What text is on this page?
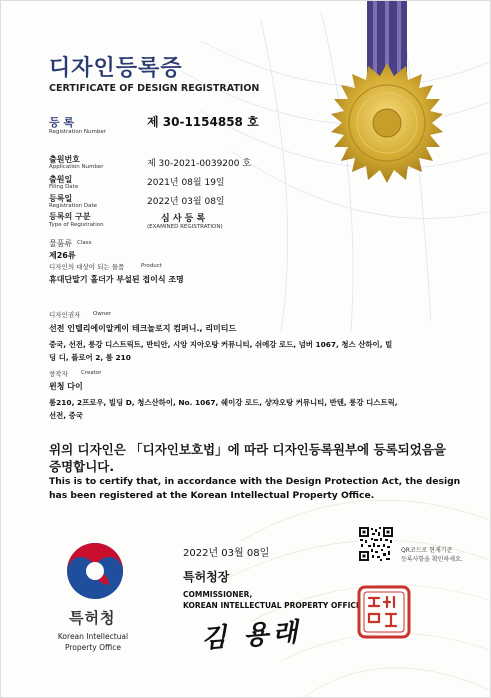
디자인등록증
CERTIFICATE OF DESIGN REGISTRATION
등 록
Registration Number
제 30-1154858 호
출원번호
Application Number	제 30-2021-0039200 호
출원일
Filing Date	2021년 08월 19일
등록일
Registration Date	2022년 03월 08일
등록의 구분
Type of Registration
심 사 등 록
(EXAMINED REGISTRATION)
물품류 Class
제26류
디자인의 대상이 되는 물품	Product
휴대단말기 홀더가 부설된 접이식 조명
디자인권자 Owner
선전 인텔리에이알케이 테크놀로지 컴퍼니., 리미티드
중국, 선전, 룽강 디스트릭트, 반티안, 시앙 지아오탕 커뮤니티, 쉬에강 로드, 넘버 1067, 청스 산하이, 빌
딩 디, 플로어 2, 룸 210
창작자 Creator
윈청 다이
룸210, 2프로우, 빌딩 D, 청스산하이, No. 1067, 쉐이강 로드, 샹쟈오탕 커뮤니티, 반텐, 룽강 디스트릭,
선전, 중국
위의 디자인은 「디자인보호법」에 따라 디자인등록원부에 등록되었음을
증명합니다.
This is to certify that, in accordance with the Design Protection Act, the design
has been registered at the Korean Intellectual Property Office.
2022년 03월 08일	QR코드로 현재기준
등록사항을 확인하세요.
특허청장
COMMISSIONER,
KOREAN INTELLECTUAL PROPERTY OFFICE
김 용래
특허청
Korean Intellectual
Property Office
